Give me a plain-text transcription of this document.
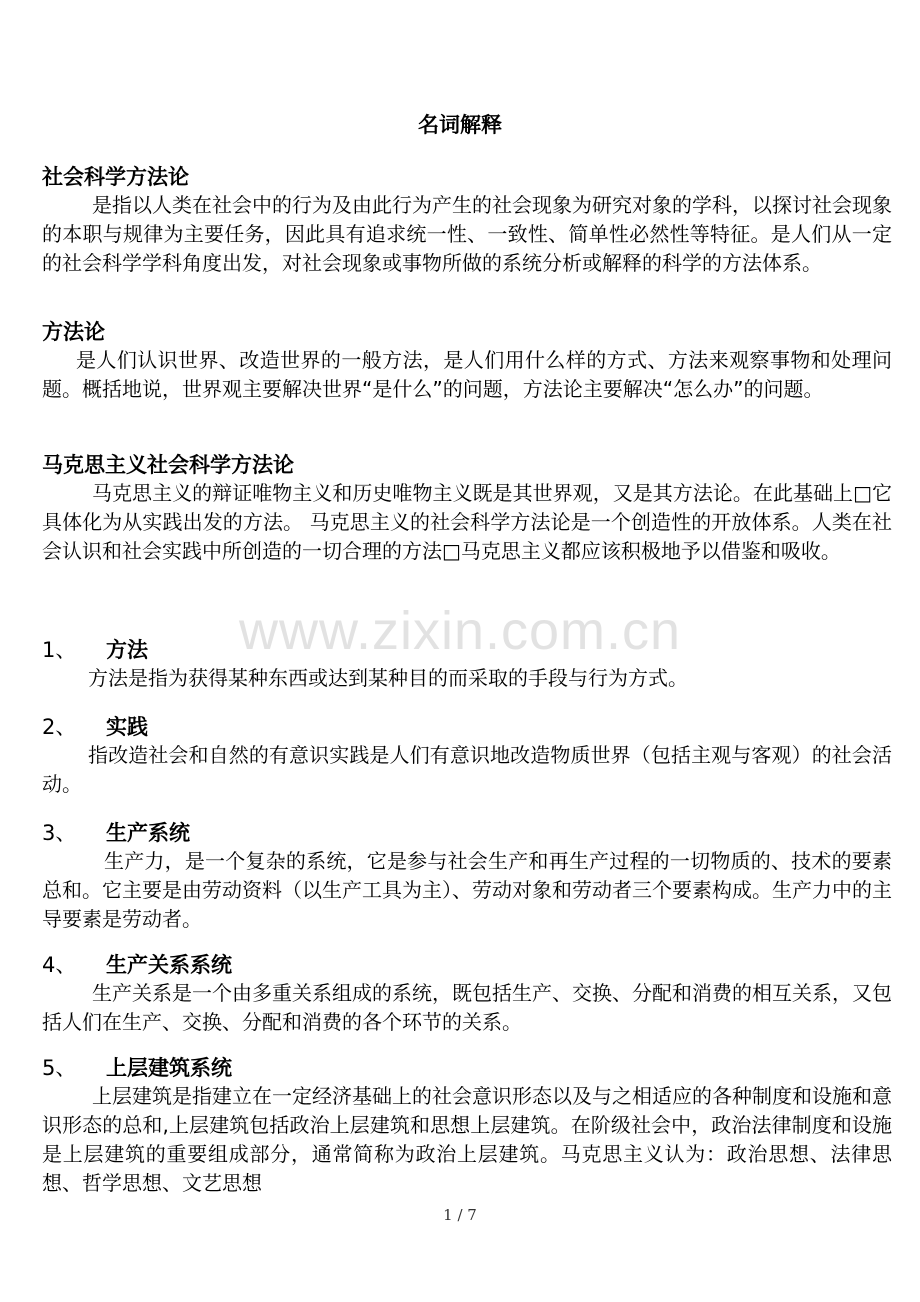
www.zixin.com.cn
名词解释

社会科学方法论

是指以人类在社会中的行为及由此行为产生的社会现象为研究对象的学科，以探讨社会现象的本职与规律为主要任务，因此具有追求统一性、一致性、简单性必然性等特征。是人们从一定的社会科学学科角度出发，对社会现象或事物所做的系统分析或解释的科学的方法体系。

方法论

是人们认识世界、改造世界的一般方法，是人们用什么样的方式、方法来观察事物和处理问题。概括地说，世界观主要解决世界“是什么”的问题，方法论主要解决“怎么办”的问题。

马克思主义社会科学方法论

马克思主义的辩证唯物主义和历史唯物主义既是其世界观，又是其方法论。在此基础上□它具体化为从实践出发的方法。 马克思主义的社会科学方法论是一个创造性的开放体系。人类在社会认识和社会实践中所创造的一切合理的方法□马克思主义都应该积极地予以借鉴和吸收。

1、 方法

方法是指为获得某种东西或达到某种目的而采取的手段与行为方式。

2、 实践

指改造社会和自然的有意识实践是人们有意识地改造物质世界（包括主观与客观）的社会活动。

3、 生产系统

生产力，是一个复杂的系统，它是参与社会生产和再生产过程的一切物质的、技术的要素总和。它主要是由劳动资料（以生产工具为主）、劳动对象和劳动者三个要素构成。生产力中的主导要素是劳动者。

4、 生产关系系统

生产关系是一个由多重关系组成的系统，既包括生产、交换、分配和消费的相互关系，又包括人们在生产、交换、分配和消费的各个环节的关系。

5、 上层建筑系统

上层建筑是指建立在一定经济基础上的社会意识形态以及与之相适应的各种制度和设施和意识形态的总和,上层建筑包括政治上层建筑和思想上层建筑。在阶级社会中，政治法律制度和设施是上层建筑的重要组成部分，通常简称为政治上层建筑。马克思主义认为：政治思想、法律思想、哲学思想、文艺思想

1 / 7
